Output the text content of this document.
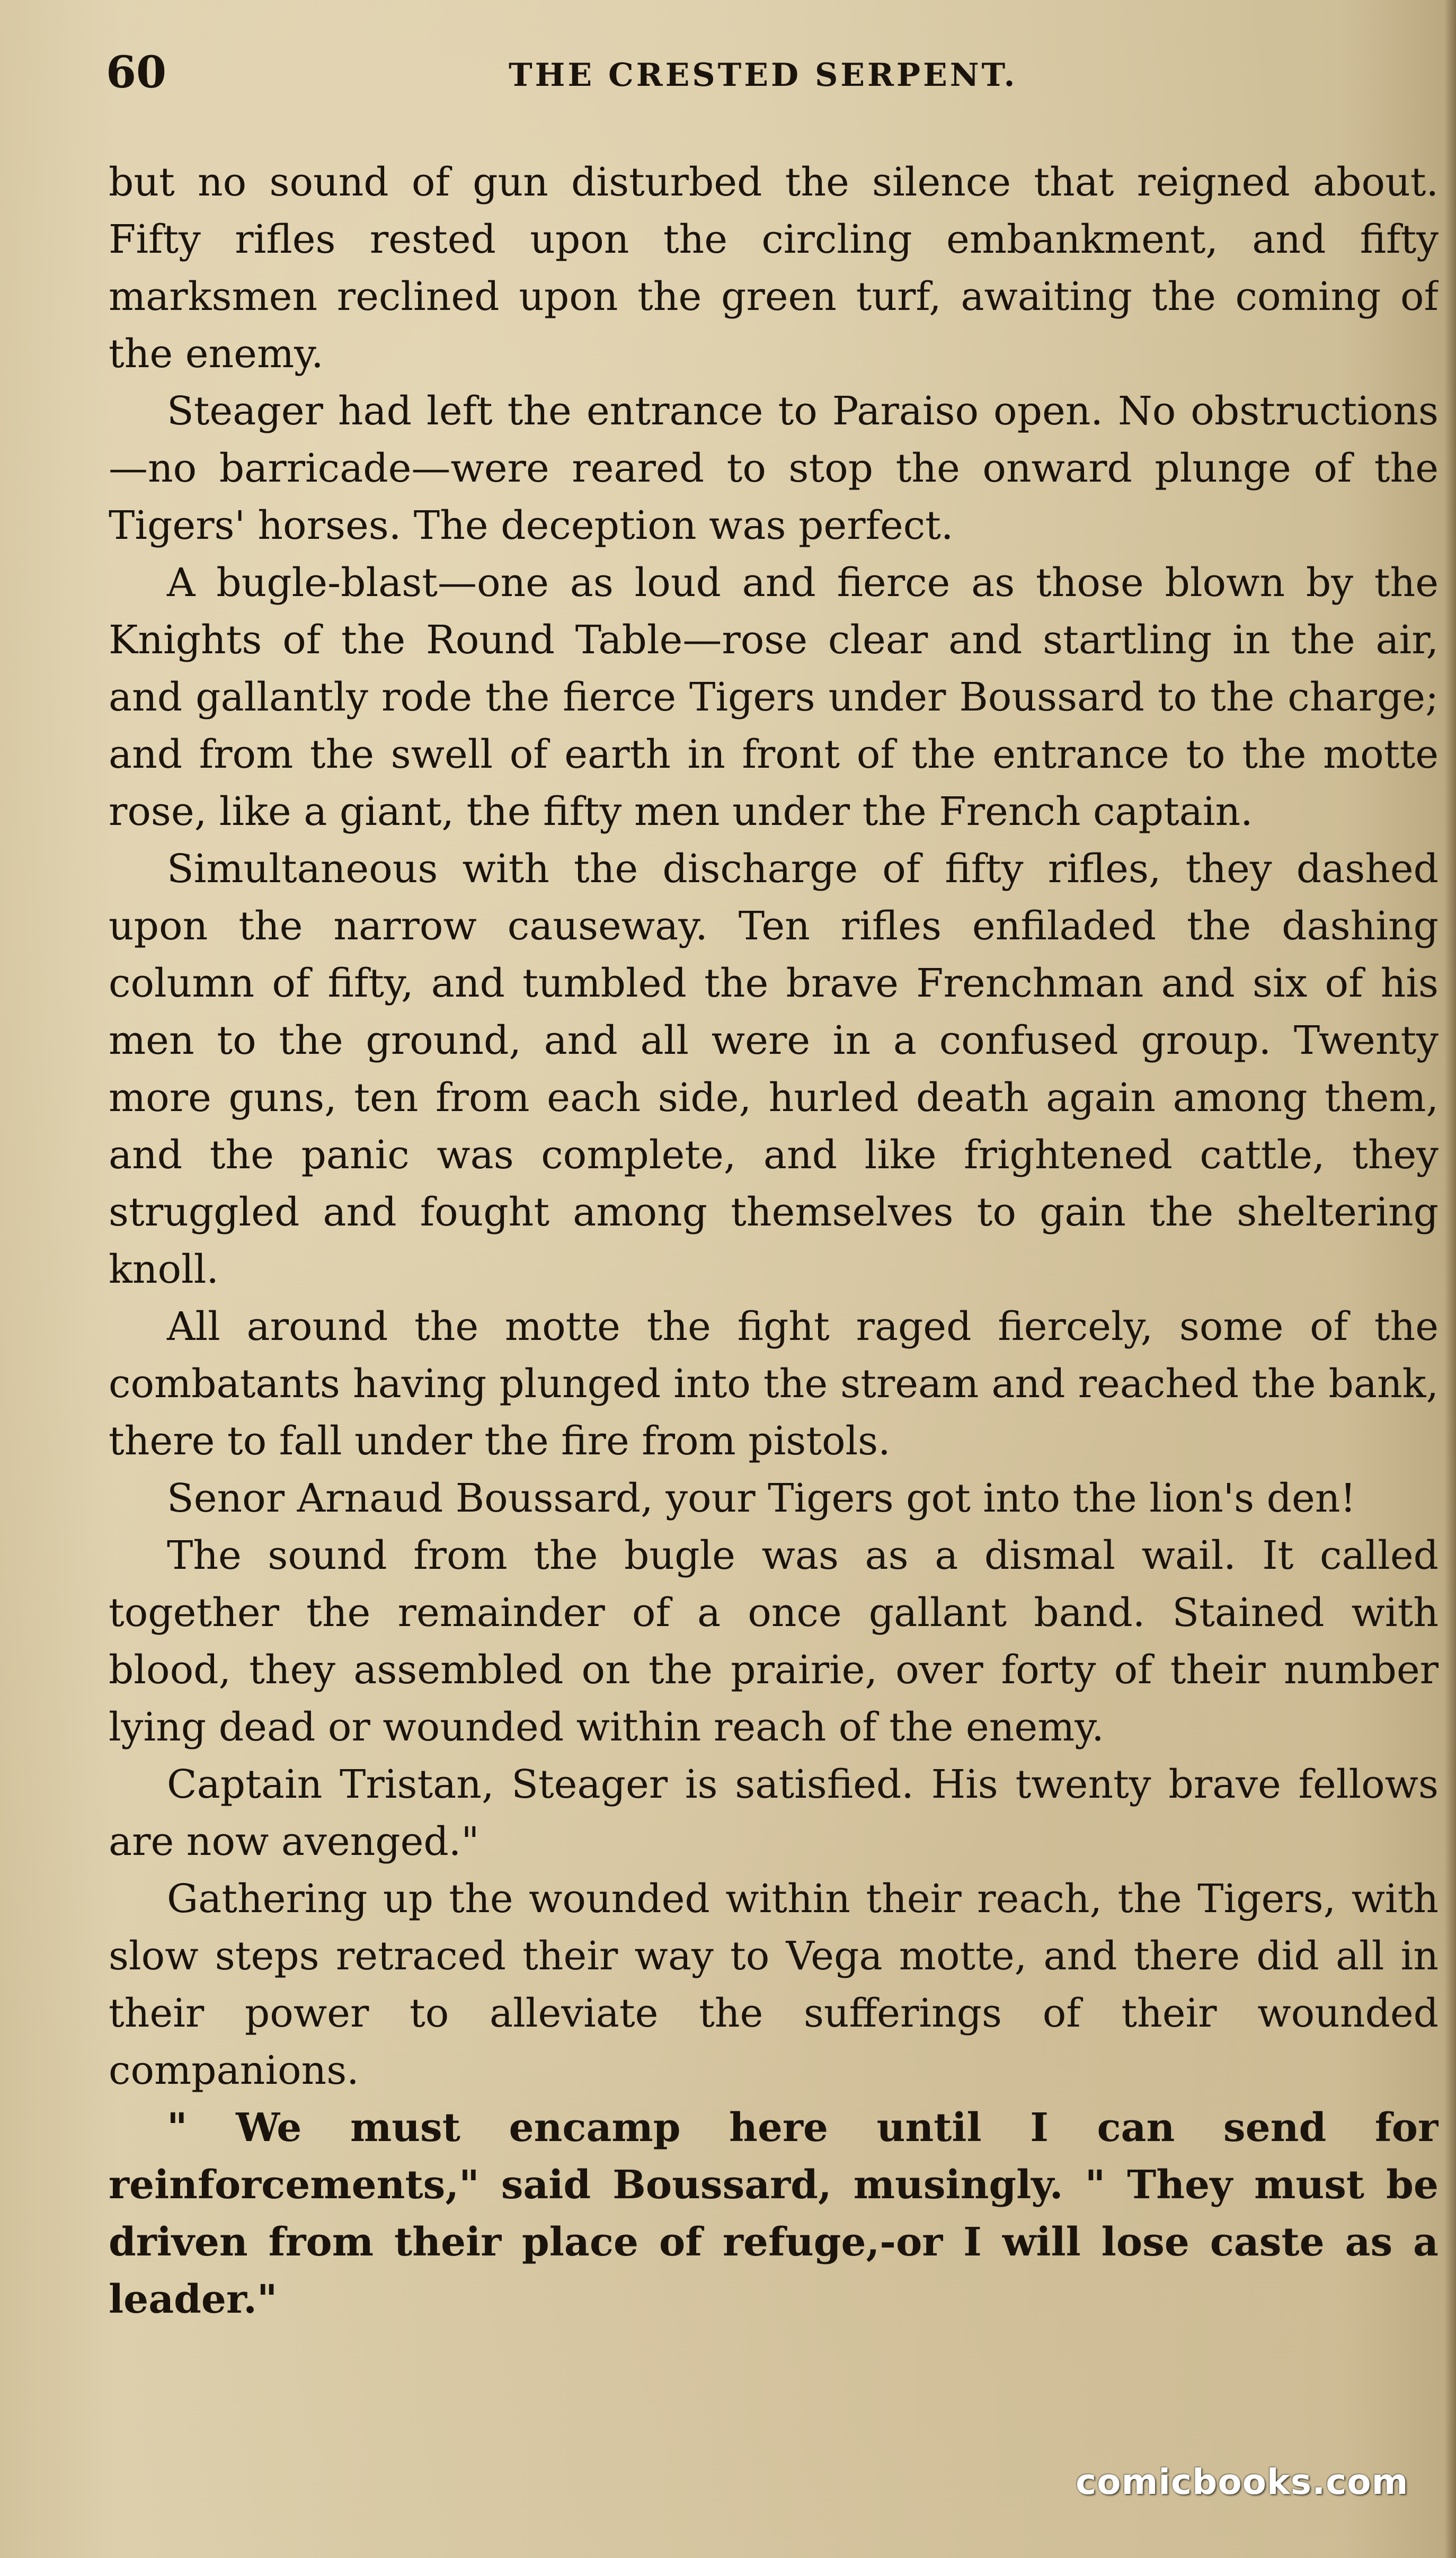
60	THE CRESTED SERPENT.

but no sound of gun disturbed the silence that reigned about. Fifty rifles rested upon the circling embankment, and fifty marksmen reclined upon the green turf, awaiting the coming of the enemy.

Steager had left the entrance to Paraiso open. No obstructions—no barricade—were reared to stop the onward plunge of the Tigers' horses. The deception was perfect.

A bugle-blast—one as loud and fierce as those blown by the Knights of the Round Table—rose clear and startling in the air, and gallantly rode the fierce Tigers under Boussard to the charge; and from the swell of earth in front of the entrance to the motte rose, like a giant, the fifty men under the French captain.

Simultaneous with the discharge of fifty rifles, they dashed upon the narrow causeway. Ten rifles enfiladed the dashing column of fifty, and tumbled the brave Frenchman and six of his men to the ground, and all were in a confused group. Twenty more guns, ten from each side, hurled death again among them, and the panic was complete, and like frightened cattle, they struggled and fought among themselves to gain the sheltering knoll.

All around the motte the fight raged fiercely, some of the combatants having plunged into the stream and reached the bank, there to fall under the fire from pistols.

Senor Arnaud Boussard, your Tigers got into the lion's den!

The sound from the bugle was as a dismal wail. It called together the remainder of a once gallant band. Stained with blood, they assembled on the prairie, over forty of their number lying dead or wounded within reach of the enemy.

Captain Tristan, Steager is satisfied. His twenty brave fellows are now avenged."

Gathering up the wounded within their reach, the Tigers, with slow steps retraced their way to Vega motte, and there did all in their power to alleviate the sufferings of their wounded companions.

" We must encamp here until I can send for reinforcements," said Boussard, musingly. " They must be driven from their place of refuge,-or I will lose caste as a leader."

comicbooks.com
